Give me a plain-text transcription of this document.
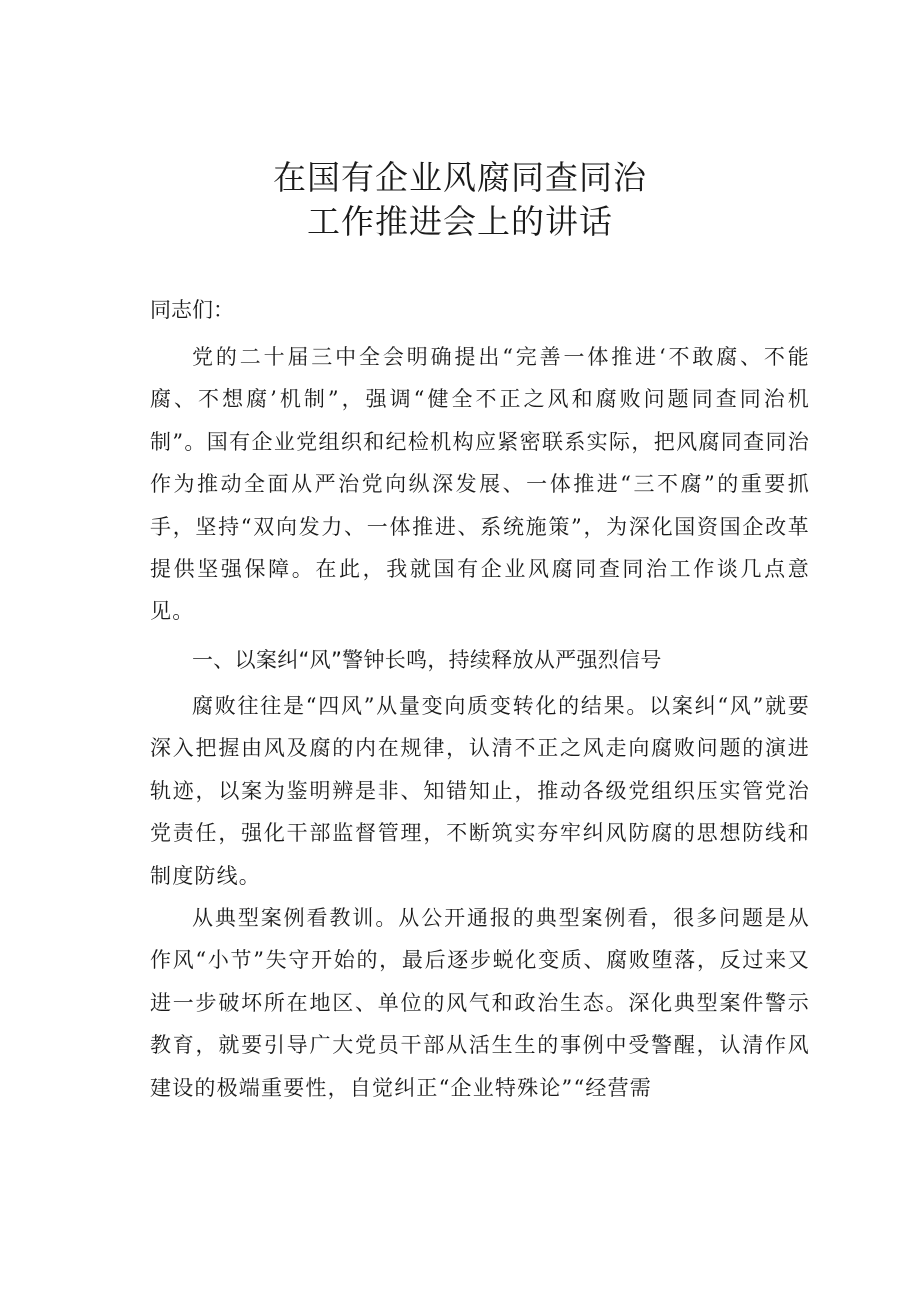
在国有企业风腐同查同治
工作推进会上的讲话

同志们：

党的二十届三中全会明确提出“完善一体推进‘不敢腐、不能腐、不想腐’机制”，强调“健全不正之风和腐败问题同查同治机制”。国有企业党组织和纪检机构应紧密联系实际，把风腐同查同治作为推动全面从严治党向纵深发展、一体推进“三不腐”的重要抓手，坚持“双向发力、一体推进、系统施策”，为深化国资国企改革提供坚强保障。在此，我就国有企业风腐同查同治工作谈几点意见。

一、以案纠“风”警钟长鸣，持续释放从严强烈信号

腐败往往是“四风”从量变向质变转化的结果。以案纠“风”就要深入把握由风及腐的内在规律，认清不正之风走向腐败问题的演进轨迹，以案为鉴明辨是非、知错知止，推动各级党组织压实管党治党责任，强化干部监督管理，不断筑实夯牢纠风防腐的思想防线和制度防线。

从典型案例看教训。从公开通报的典型案例看，很多问题是从作风“小节”失守开始的，最后逐步蜕化变质、腐败堕落，反过来又进一步破坏所在地区、单位的风气和政治生态。深化典型案件警示教育，就要引导广大党员干部从活生生的事例中受警醒，认清作风建设的极端重要性，自觉纠正“企业特殊论”“经营需
